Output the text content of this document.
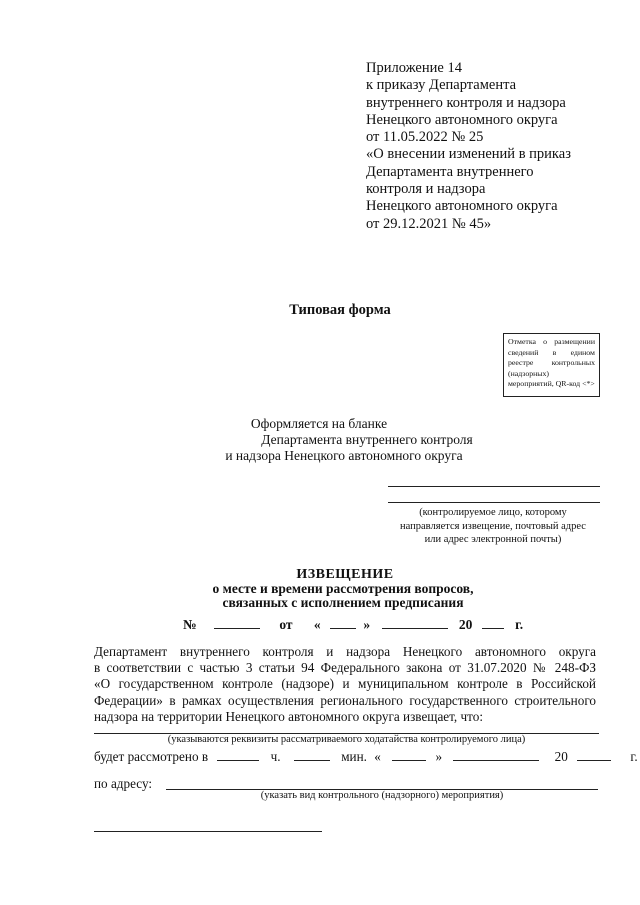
Приложение 14
к приказу Департамента
внутреннего контроля и надзора
Ненецкого автономного округа
от 11.05.2022 № 25
«О внесении изменений в приказ
Департамента внутреннего
контроля и надзора
Ненецкого автономного округа
от 29.12.2021 № 45»
Типовая форма
Отметка о размещении сведений в едином реестре контрольных (надзорных) мероприятий, QR-код <*>
Оформляется на бланке
Департамента внутреннего контроля
и надзора Ненецкого автономного округа
(контролируемое лицо, которому
направляется извещение, почтовый адрес
или адрес электронной почты)
ИЗВЕЩЕНИЕ
о месте и времени рассмотрения вопросов,
связанных с исполнением предписания
№	от «	»	20	г.
Департамент внутреннего контроля и надзора Ненецкого автономного округа
в соответствии с частью 3 статьи 94 Федерального закона от 31.07.2020 № 248-ФЗ
«О государственном контроле (надзоре) и муниципальном контроле в Российской
Федерации» в рамках осуществления регионального государственного строительного
надзора на территории Ненецкого автономного округа извещает, что:
(указываются реквизиты рассматриваемого ходатайства контролируемого лица)
будет рассмотрено в	ч.	мин. «	»	20	г.
по адресу:
(указать вид контрольного (надзорного) мероприятия)
